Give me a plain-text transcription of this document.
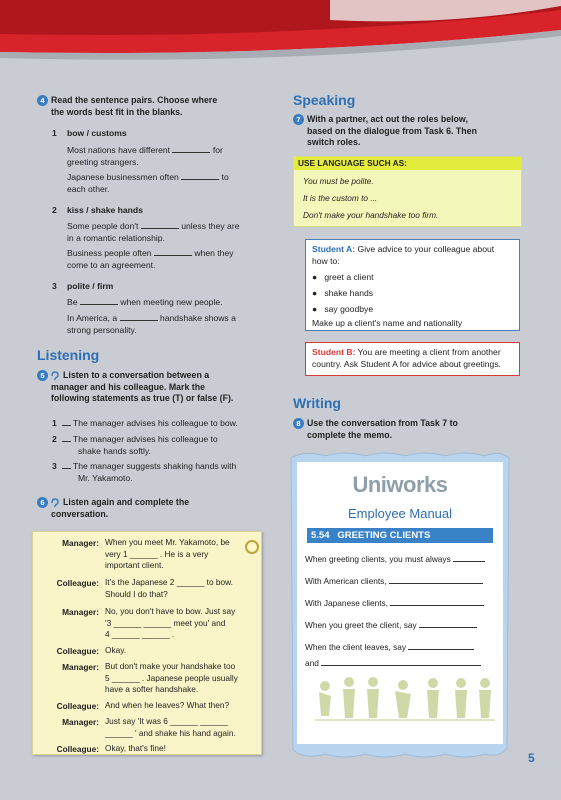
4 Read the sentence pairs. Choose where
the words best fit in the blanks.
1 bow / customs
Most nations have different	for
greeting strangers.
Japanese businessmen often	to
each other.
2 kiss / shake hands
Some people don't	unless they are
in a romantic relationship.
Business people often	when they
come to an agreement.
3 polite / firm
Be	when meeting new people.
In America, a	handshake shows a
strong personality.
Listening
5 Listen to a conversation between a
manager and his colleague. Mark the
following statements as true (T) or false (F).
1 The manager advises his colleague to bow.
2 The manager advises his colleague to
shake hands softly.
3 The manager suggests shaking hands with
Mr. Yakamoto.
6 Listen again and complete the
conversation.
Manager: When you meet Mr. Yakamoto, be
very 1 ______ . He is a very
important client.
Colleague: It's the Japanese 2 ______ to bow.
Should I do that?
Manager: No, you don't have to bow. Just say
'3 ______ ______ meet you' and
4 ______ ______ .
Colleague: Okay.
Manager: But don't make your handshake too
5 ______ . Japanese people usually
have a softer handshake.
Colleague: And when he leaves? What then?
Manager: Just say 'It was 6 ______ ______
______ ' and shake his hand again.
Colleague: Okay, that's fine!
Speaking
7 With a partner, act out the roles below,
based on the dialogue from Task 6. Then
switch roles.
USE LANGUAGE SUCH AS:
You must be polite.
It is the custom to ...
Don't make your handshake too firm.
Student A: Give advice to your colleague about
how to:
●   greet a client
●   shake hands
●   say goodbye
Make up a client's name and nationality
Student B: You are meeting a client from another
country. Ask Student A for advice about greetings.
Writing
8 Use the conversation from Task 7 to
complete the memo.
Uniworks
Employee Manual
5.54 GREETING CLIENTS
When greeting clients, you must always
With American clients,
With Japanese clients,
When you greet the client, say
When the client leaves, say
and
5
